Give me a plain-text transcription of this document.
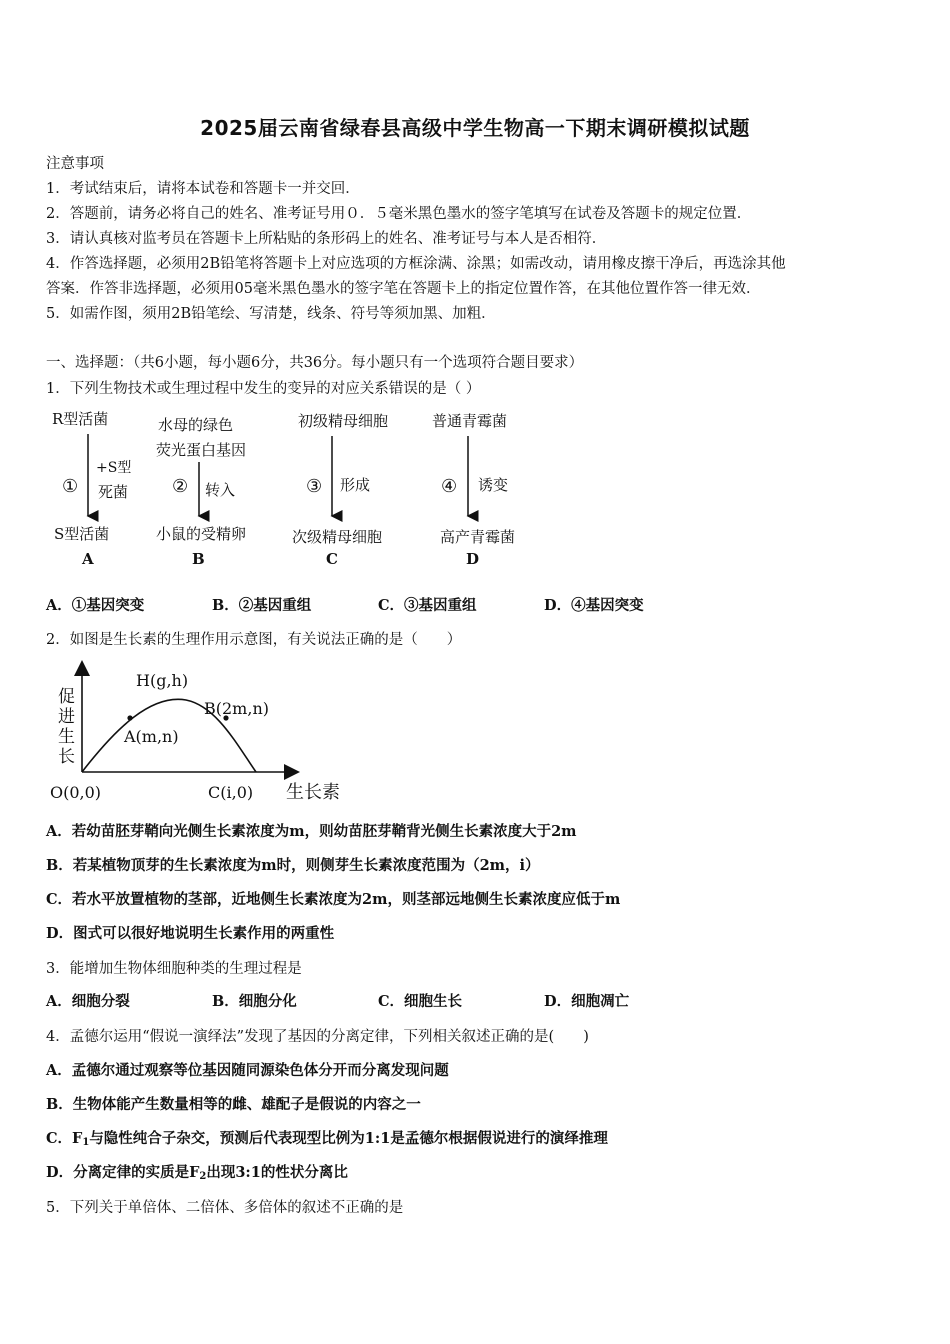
2025届云南省绿春县高级中学生物高一下期末调研模拟试题
注意事项
1．考试结束后，请将本试卷和答题卡一并交回．
2．答题前，请务必将自己的姓名、准考证号用０．５毫米黑色墨水的签字笔填写在试卷及答题卡的规定位置．
3．请认真核对监考员在答题卡上所粘贴的条形码上的姓名、准考证号与本人是否相符．
4．作答选择题，必须用2B铅笔将答题卡上对应选项的方框涂满、涂黑；如需改动，请用橡皮擦干净后，再选涂其他
答案．作答非选择题，必须用05毫米黑色墨水的签字笔在答题卡上的指定位置作答，在其他位置作答一律无效．
5．如需作图，须用2B铅笔绘、写清楚，线条、符号等须加黑、加粗．
一、选择题：（共6小题，每小题6分，共36分。每小题只有一个选项符合题目要求）
1．下列生物技术或生理过程中发生的变异的对应关系错误的是（ ）
R型活菌
①
+S型
死菌
S型活菌
A
水母的绿色
荧光蛋白基因
② 转入
小鼠的受精卵
B
初级精母细胞
③ 形成
次级精母细胞
C
普通青霉菌
④ 诱变
高产青霉菌
D
A．①基因突变	B．②基因重组	C．③基因重组	D．④基因突变
2．如图是生长素的生理作用示意图，有关说法正确的是（　　）
促
进
生
长
H(g,h)
B(2m,n)
A(m,n)
O(0,0)	C(i,0) 生长素
A．若幼苗胚芽鞘向光侧生长素浓度为m，则幼苗胚芽鞘背光侧生长素浓度大于2m
B．若某植物顶芽的生长素浓度为m时，则侧芽生长素浓度范围为（2m，i）
C．若水平放置植物的茎部，近地侧生长素浓度为2m，则茎部远地侧生长素浓度应低于m
D．图式可以很好地说明生长素作用的两重性
3．能增加生物体细胞种类的生理过程是
A．细胞分裂	B．细胞分化	C．细胞生长	D．细胞凋亡
4．孟德尔运用“假说一演绎法”发现了基因的分离定律，下列相关叙述正确的是(　　)
A．孟德尔通过观察等位基因随同源染色体分开而分离发现问题
B．生物体能产生数量相等的雌、雄配子是假说的内容之一
C．$F_1$与隐性纯合子杂交，预测后代表现型比例为1:1是孟德尔根据假说进行的演绎推理
D．分离定律的实质是$F_2$出现3:1的性状分离比
5．下列关于单倍体、二倍体、多倍体的叙述不正确的是
